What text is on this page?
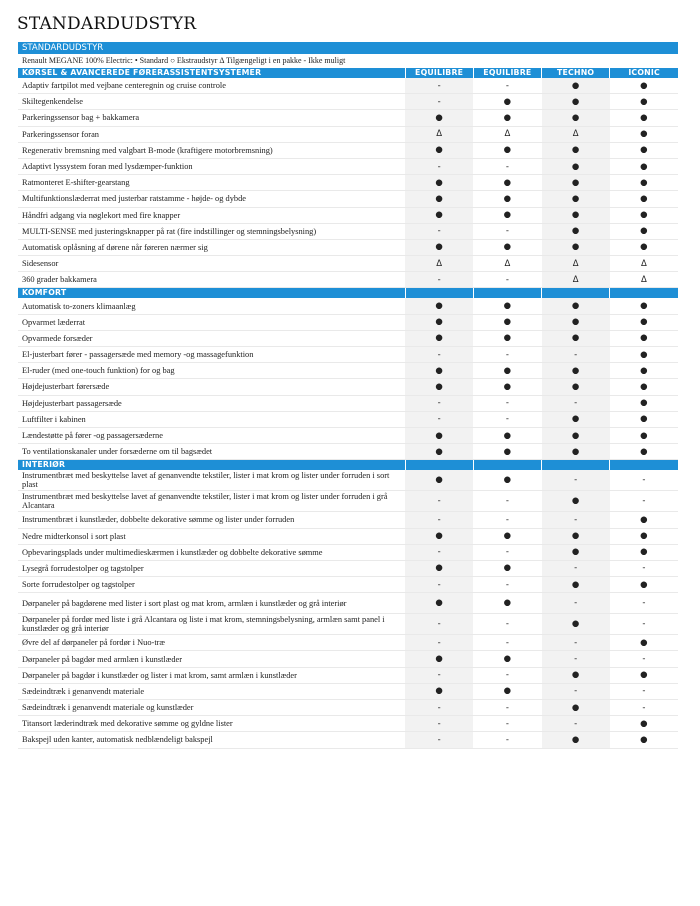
STANDARDUDSTYR
STANDARDUDSTYR
Renault MEGANE 100% Electric: • Standard ○ Ekstraudstyr Δ Tilgængeligt i en pakke - Ikke muligt
KØRSEL & AVANCEREDE FØRERASSISTENTSYSTEMER	EQUILIBRE	EQUILIBRE	TECHNO	ICONIC
Adaptiv fartpilot med vejbane centeregnin og cruise controle	-	-	●	●
Skiltegenkendelse	-	●	●	●
Parkeringssensor bag + bakkamera	●	●	●	●
Parkeringssensor foran	Δ	Δ	Δ	●
Regenerativ bremsning med valgbart B-mode (kraftigere motorbremsning)	●	●	●	●
Adaptivt lyssystem foran med lysdæmper-funktion	-	-	●	●
Ratmonteret E-shifter-gearstang	●	●	●	●
Multifunktionslæderrat med justerbar ratstamme - højde- og dybde	●	●	●	●
Håndfri adgang via nøglekort med fire knapper	●	●	●	●
MULTI-SENSE med justeringsknapper på rat (fire indstillinger og stemningsbelysning)	-	-	●	●
Automatisk oplåsning af dørene når føreren nærmer sig	●	●	●	●
Sidesensor	Δ	Δ	Δ	Δ
360 grader bakkamera	-	-	Δ	Δ
KOMFORT				
Automatisk to-zoners klimaanlæg	●	●	●	●
Opvarmet læderrat	●	●	●	●
Opvarmede forsæder	●	●	●	●
El-justerbart fører - passagersæde med memory -og massagefunktion	-	-	-	●
El-ruder (med one-touch funktion) for og bag	●	●	●	●
Højdejusterbart førersæde	●	●	●	●
Højdejusterbart passagersæde	-	-	-	●
Luftfilter i kabinen	-	-	●	●
Lændestøtte på fører -og passagersæderne	●	●	●	●
To ventilationskanaler under forsæderne om til bagsædet	●	●	●	●
INTERIØR				
Instrumentbræt med beskyttelse lavet af genanvendte tekstiler, lister i mat krom og lister under forruden i sort plast	●	●	-	-
Instrumentbræt med beskyttelse lavet af genanvendte tekstiler, lister i mat krom og lister under forruden i grå Alcantara	-	-	●	-
Instrumentbræt i kunstlæder, dobbelte dekorative sømme og lister under forruden	-	-	-	●
Nedre midterkonsol i sort plast	●	●	●	●
Opbevaringsplads under multimedieskærmen i kunstlæder og dobbelte dekorative sømme	-	-	●	●
Lysegrå forrudestolper og tagstolper	●	●	-	-
Sorte forrudestolper og tagstolper	-	-	●	●
Dørpaneler på bagdørene med lister i sort plast og mat krom, armlæn i kunstlæder og grå interiør	●	●	-	-
Dørpaneler på fordør med liste i grå Alcantara og liste i mat krom, stemningsbelysning, armlæn samt panel i kunstlæder og grå interiør	-	-	●	-
Øvre del af dørpaneler på fordør i Nuo-træ	-	-	-	●
Dørpaneler på bagdør med armlæn i kunstlæder	●	●	-	-
Dørpaneler på bagdør i kunstlæder og lister i mat krom, samt armlæn i kunstlæder	-	-	●	●
Sædeindtræk i genanvendt materiale	●	●	-	-
Sædeindtræk i genanvendt materiale og kunstlæder	-	-	●	-
Titansort læderindtræk med dekorative sømme og gyldne lister	-	-	-	●
Bakspejl uden kanter, automatisk nedblændeligt bakspejl	-	-	●	●
